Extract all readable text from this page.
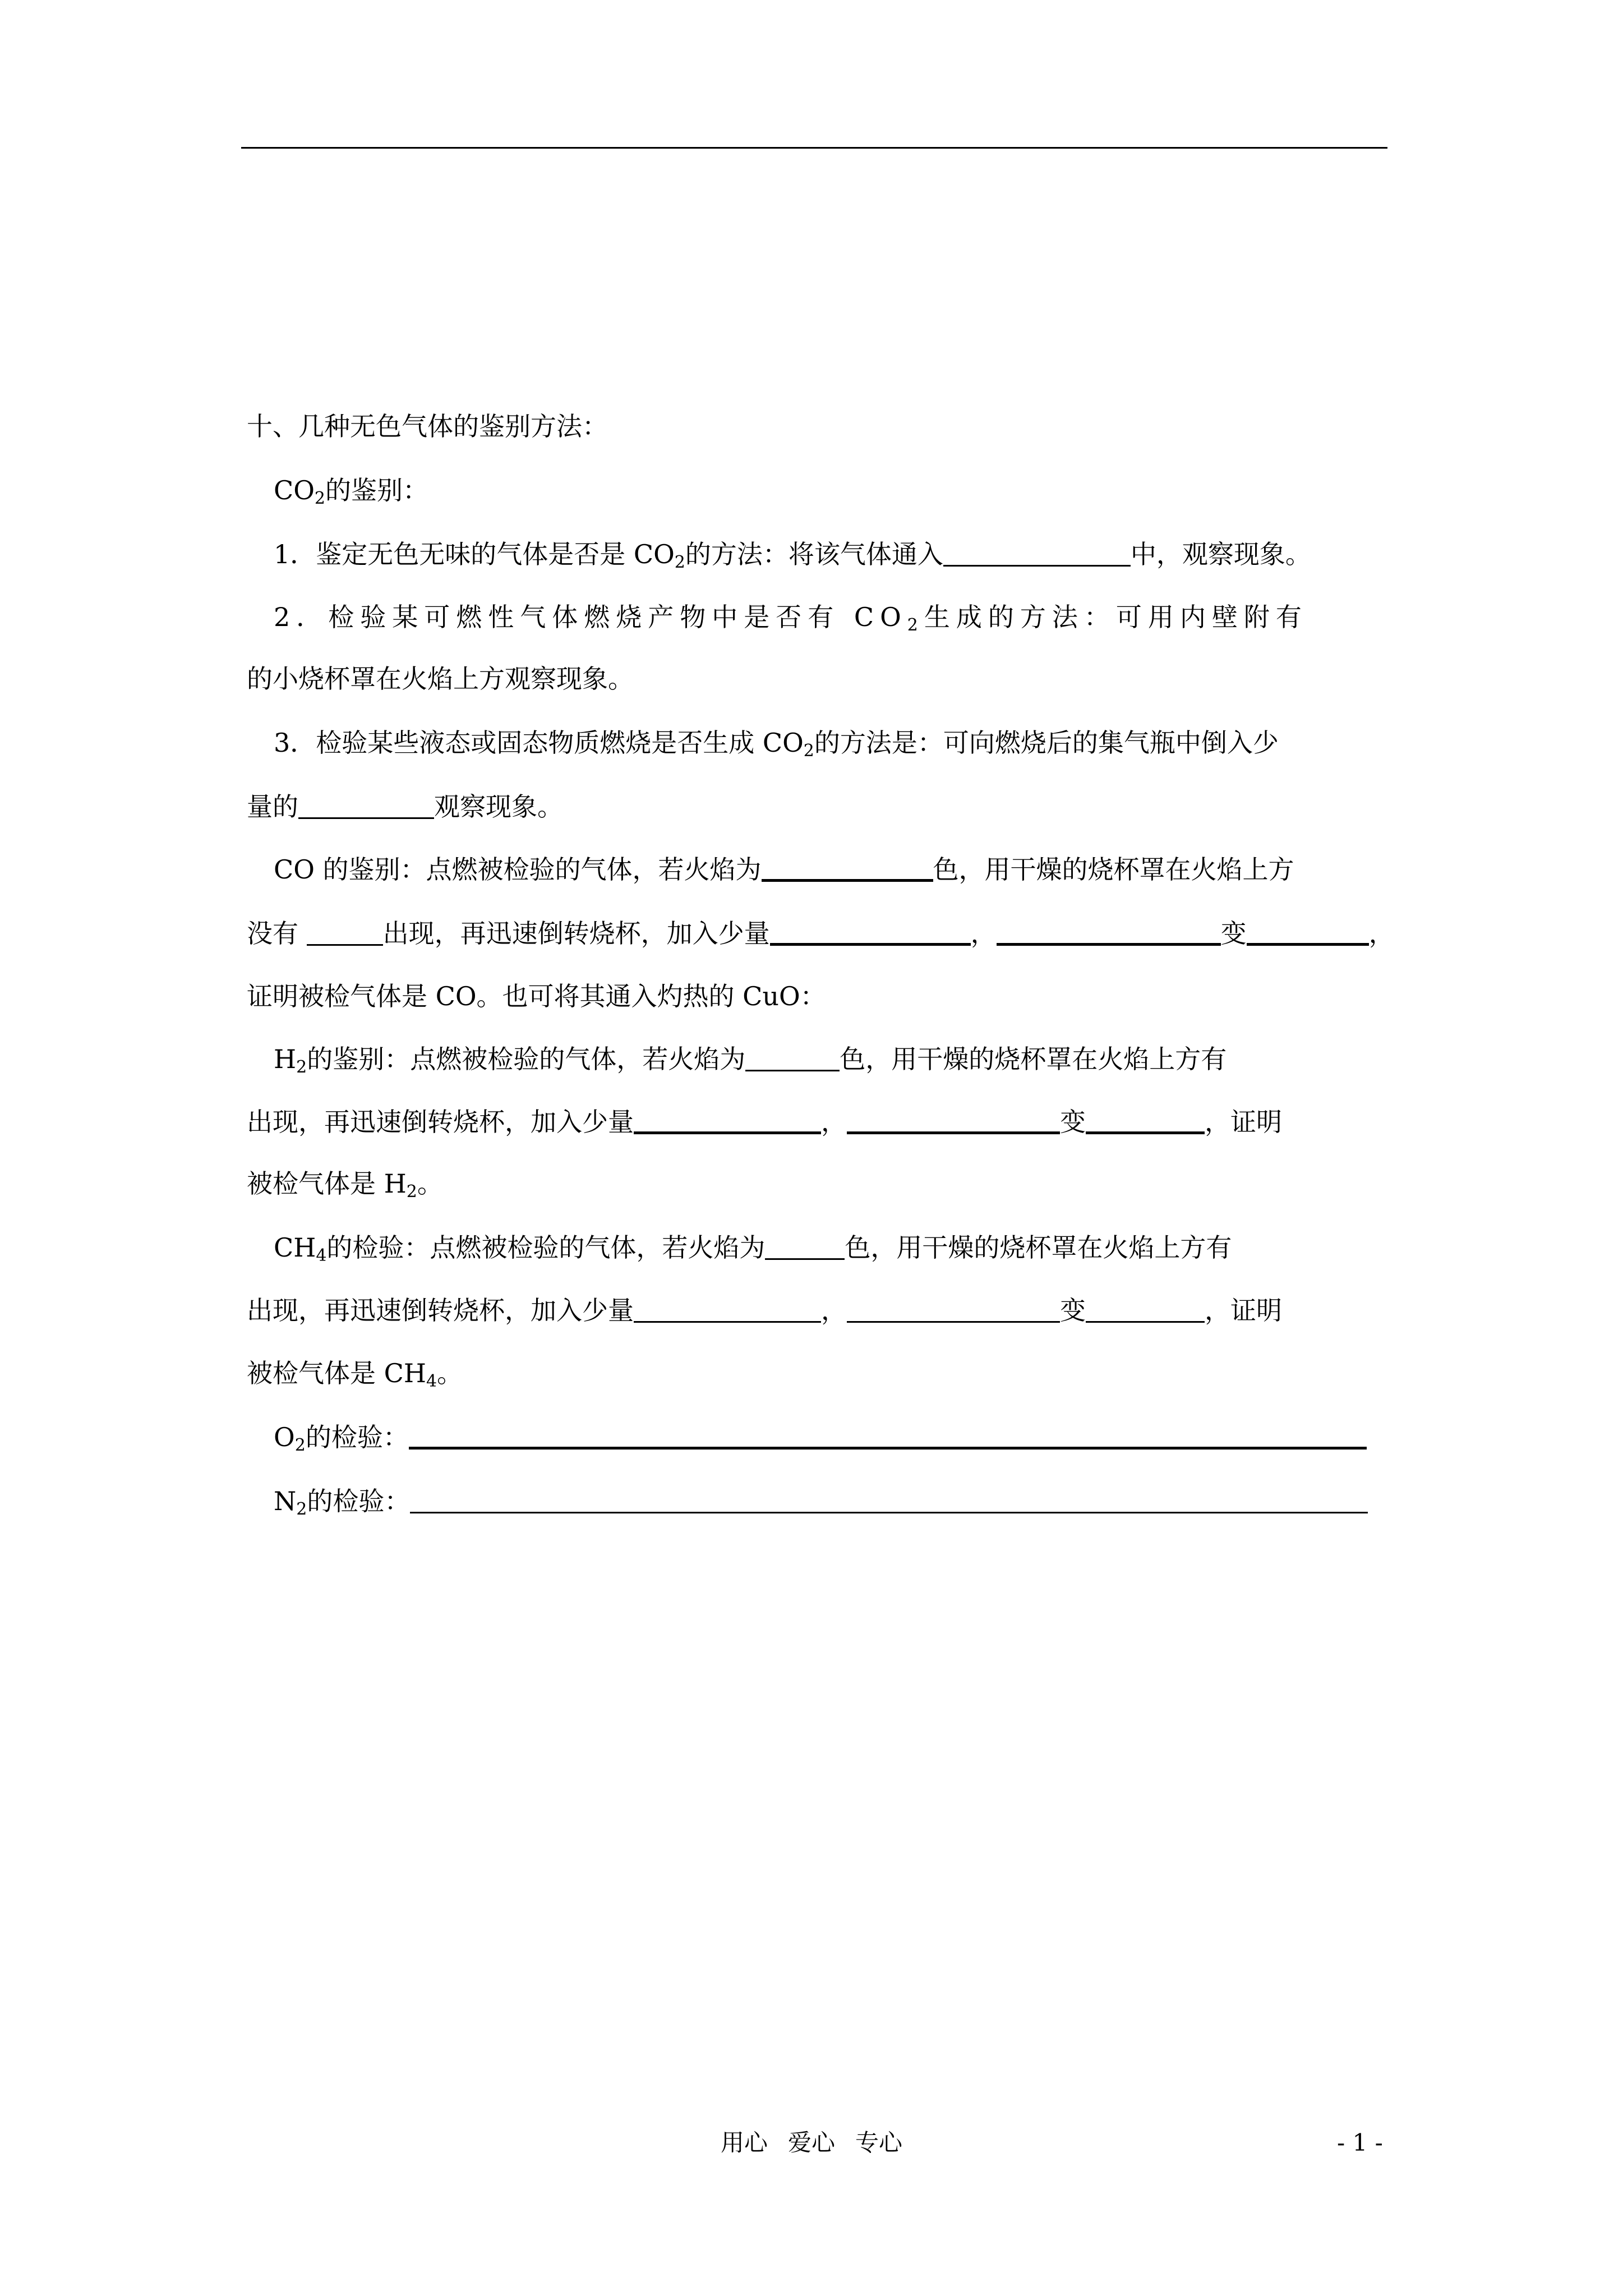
十、几种无色气体的鉴别方法：
$CO_2$的鉴别：
1．鉴定无色无味的气体是否是 $CO_2$的方法：将该气体通入	中，观察现象。
2．检验某可燃性气体燃烧产物中是否有 $CO_2$生成的方法：可用内壁附有
的小烧杯罩在火焰上方观察现象。
3．检验某些液态或固态物质燃烧是否生成 $CO_2$的方法是：可向燃烧后的集气瓶中倒入少
量的	观察现象。
CO 的鉴别：点燃被检验的气体，若火焰为	色，用干燥的烧杯罩在火焰上方
没有	出现，再迅速倒转烧杯，加入少量	，	变	，
证明被检气体是 CO。也可将其通入灼热的 CuO：
$H_2$的鉴别：点燃被检验的气体，若火焰为	色，用干燥的烧杯罩在火焰上方有
出现，再迅速倒转烧杯，加入少量	，	变	，证明
被检气体是 $H_2$。
$CH_4$的检验：点燃被检验的气体，若火焰为	色，用干燥的烧杯罩在火焰上方有
出现，再迅速倒转烧杯，加入少量	，	变	，证明
被检气体是 $CH_4$。
$O_2$的检验：
$N_2$的检验：
用心 爱心 专心	- 1 -
